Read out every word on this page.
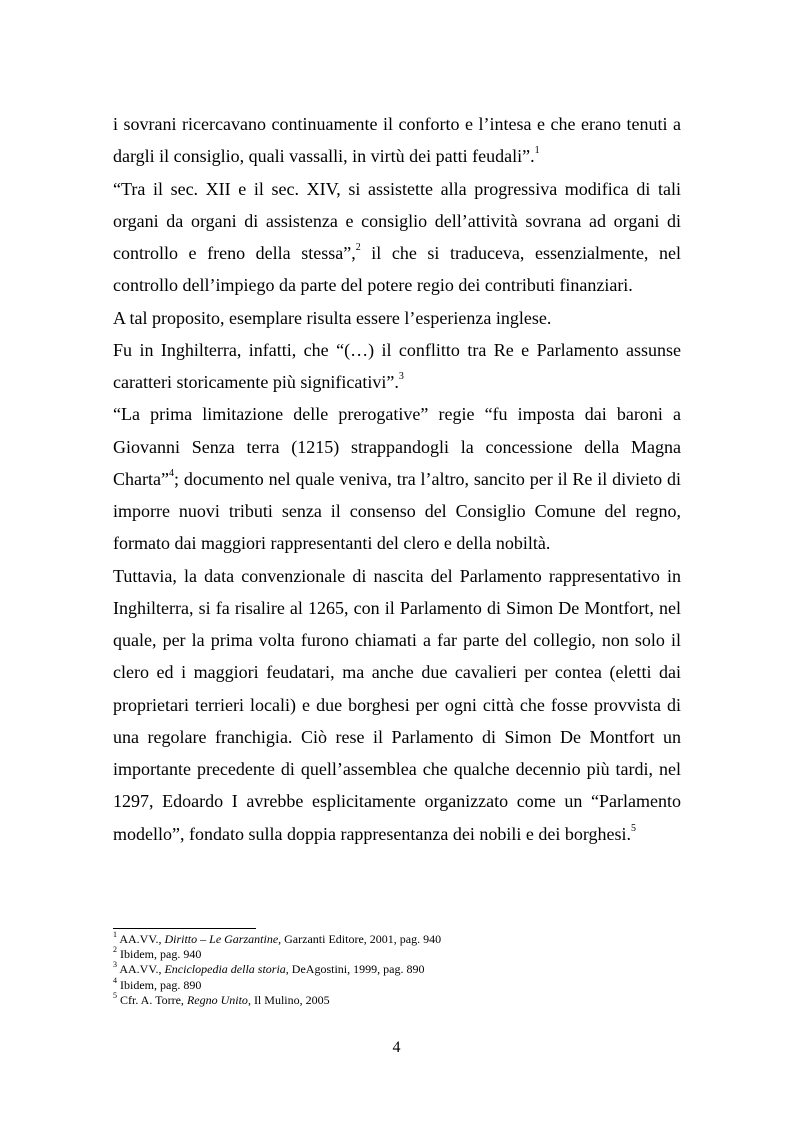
i sovrani ricercavano continuamente il conforto e l’intesa e che erano tenuti a dargli il consiglio, quali vassalli, in virtù dei patti feudali”.$^1$

“Tra il sec. XII e il sec. XIV, si assistette alla progressiva modifica di tali organi da organi di assistenza e consiglio dell’attività sovrana ad organi di controllo e freno della stessa”,$^2$ il che si traduceva, essenzialmente, nel controllo dell’impiego da parte del potere regio dei contributi finanziari.

A tal proposito, esemplare risulta essere l’esperienza inglese.

Fu in Inghilterra, infatti, che “(…) il conflitto tra Re e Parlamento assunse caratteri storicamente più significativi”.$^3$

“La prima limitazione delle prerogative” regie “fu imposta dai baroni a Giovanni Senza terra (1215) strappandogli la concessione della Magna Charta”$^4$; documento nel quale veniva, tra l’altro, sancito per il Re il divieto di imporre nuovi tributi senza il consenso del Consiglio Comune del regno, formato dai maggiori rappresentanti del clero e della nobiltà.

Tuttavia, la data convenzionale di nascita del Parlamento rappresentativo in Inghilterra, si fa risalire al 1265, con il Parlamento di Simon De Montfort, nel quale, per la prima volta furono chiamati a far parte del collegio, non solo il clero ed i maggiori feudatari, ma anche due cavalieri per contea (eletti dai proprietari terrieri locali) e due borghesi per ogni città che fosse provvista di una regolare franchigia. Ciò rese il Parlamento di Simon De Montfort un importante precedente di quell’assemblea che qualche decennio più tardi, nel 1297, Edoardo I avrebbe esplicitamente organizzato come un “Parlamento modello”, fondato sulla doppia rappresentanza dei nobili e dei borghesi.$^5$

$^1$ AA.VV., Diritto – Le Garzantine, Garzanti Editore, 2001, pag. 940
$^2$ Ibidem, pag. 940
$^3$ AA.VV., Enciclopedia della storia, DeAgostini, 1999, pag. 890
$^4$ Ibidem, pag. 890
$^5$ Cfr. A. Torre, Regno Unito, Il Mulino, 2005
4
